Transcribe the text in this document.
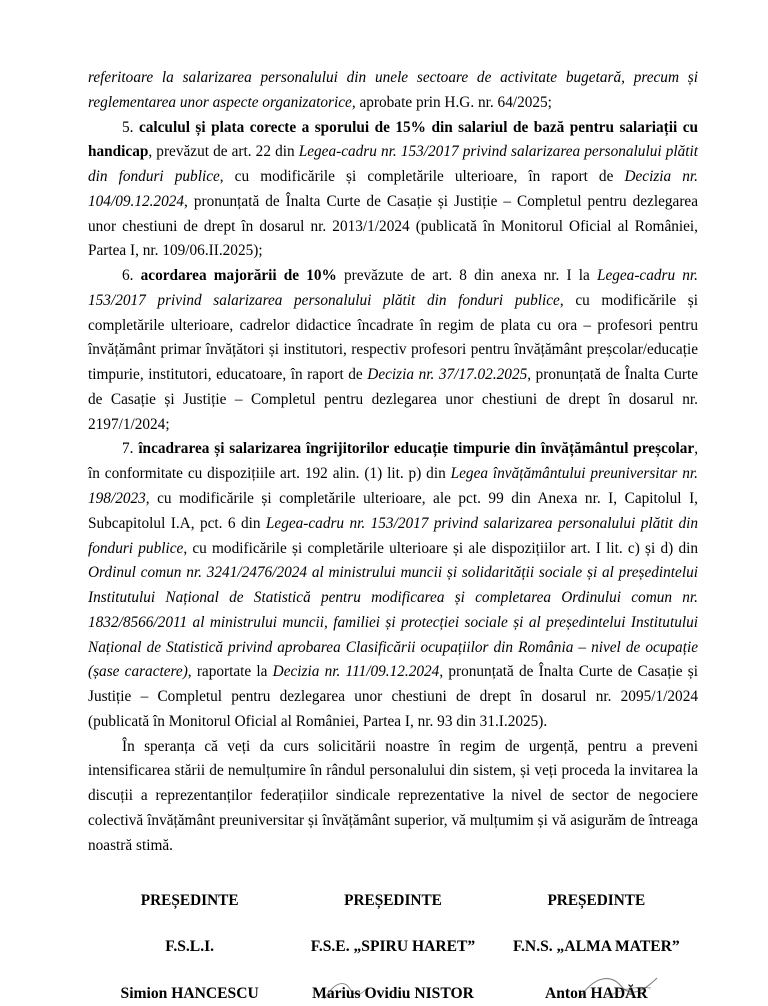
referitoare la salarizarea personalului din unele sectoare de activitate bugetară, precum și reglementarea unor aspecte organizatorice, aprobate prin H.G. nr. 64/2025;

5. calculul și plata corecte a sporului de 15% din salariul de bază pentru salariații cu handicap, prevăzut de art. 22 din Legea-cadru nr. 153/2017 privind salarizarea personalului plătit din fonduri publice, cu modificările și completările ulterioare, în raport de Decizia nr. 104/09.12.2024, pronunțată de Înalta Curte de Casație și Justiție – Completul pentru dezlegarea unor chestiuni de drept în dosarul nr. 2013/1/2024 (publicată în Monitorul Oficial al României, Partea I, nr. 109/06.II.2025);

6. acordarea majorării de 10% prevăzute de art. 8 din anexa nr. I la Legea-cadru nr. 153/2017 privind salarizarea personalului plătit din fonduri publice, cu modificările și completările ulterioare, cadrelor didactice încadrate în regim de plata cu ora – profesori pentru învățământ primar învățători și institutori, respectiv profesori pentru învățământ preșcolar/educație timpurie, institutori, educatoare, în raport de Decizia nr. 37/17.02.2025, pronunțată de Înalta Curte de Casație și Justiție – Completul pentru dezlegarea unor chestiuni de drept în dosarul nr. 2197/1/2024;

7. încadrarea și salarizarea îngrijitorilor educație timpurie din învățământul preșcolar, în conformitate cu dispozițiile art. 192 alin. (1) lit. p) din Legea învățământului preuniversitar nr. 198/2023, cu modificările și completările ulterioare, ale pct. 99 din Anexa nr. I, Capitolul I, Subcapitolul I.A, pct. 6 din Legea-cadru nr. 153/2017 privind salarizarea personalului plătit din fonduri publice, cu modificările și completările ulterioare și ale dispozițiilor art. I lit. c) și d) din Ordinul comun nr. 3241/2476/2024 al ministrului muncii și solidarității sociale și al președintelui Institutului Național de Statistică pentru modificarea și completarea Ordinului comun nr. 1832/8566/2011 al ministrului muncii, familiei și protecției sociale și al președintelui Institutului Național de Statistică privind aprobarea Clasificării ocupațiilor din România – nivel de ocupație (șase caractere), raportate la Decizia nr. 111/09.12.2024, pronunțată de Înalta Curte de Casație și Justiție – Completul pentru dezlegarea unor chestiuni de drept în dosarul nr. 2095/1/2024 (publicată în Monitorul Oficial al României, Partea I, nr. 93 din 31.I.2025).

În speranța că veți da curs solicitării noastre în regim de urgență, pentru a preveni intensificarea stării de nemulțumire în rândul personalului din sistem, și veți proceda la invitarea la discuții a reprezentanților federațiilor sindicale reprezentative la nivel de sector de negociere colectivă învățământ preuniversitar și învățământ superior, vă mulțumim și vă asigurăm de întreaga noastră stimă.

PREȘEDINTE	PREȘEDINTE	PREȘEDINTE
F.S.L.I.	F.S.E. „SPIRU HARET”	F.N.S. „ALMA MATER”
Simion HANCESCU	Marius Ovidiu NISTOR	Anton HADĂR
